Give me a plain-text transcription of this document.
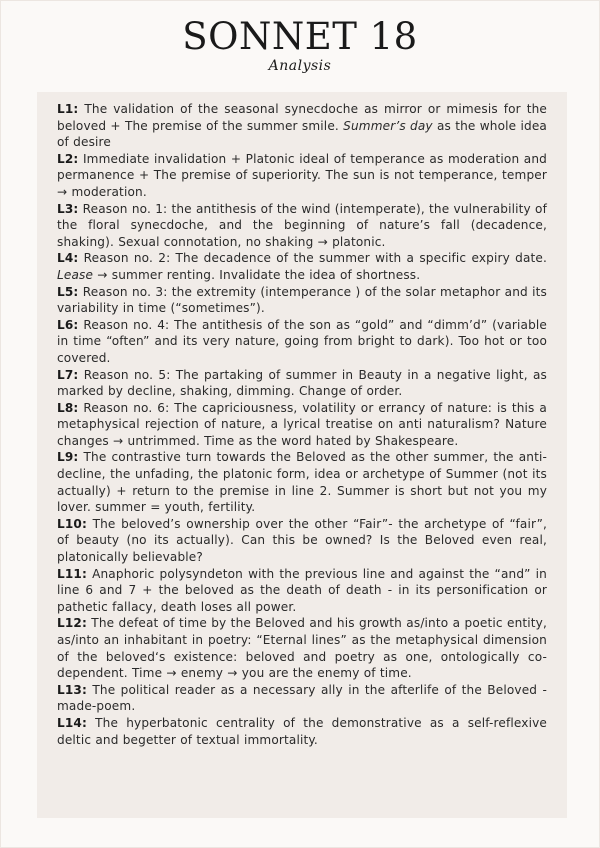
SONNET 18
Analysis
L1: The validation of the seasonal synecdoche as mirror or mimesis for the beloved + The premise of the summer smile. Summer’s day as the whole idea of desire
L2: Immediate invalidation + Platonic ideal of temperance as moderation and permanence + The premise of superiority. The sun is not temperance, temper → moderation.
L3: Reason no. 1: the antithesis of the wind (intemperate), the vulnerability of the floral synecdoche, and the beginning of nature’s fall (decadence, shaking). Sexual connotation, no shaking → platonic.
L4: Reason no. 2: The decadence of the summer with a specific expiry date. Lease → summer renting. Invalidate the idea of shortness.
L5: Reason no. 3: the extremity (intemperance ) of the solar metaphor and its variability in time (“sometimes”).
L6: Reason no. 4: The antithesis of the son as “gold” and “dimm’d” (variable in time “often” and its very nature, going from bright to dark). Too hot or too covered.
L7: Reason no. 5: The partaking of summer in Beauty in a negative light, as marked by decline, shaking, dimming. Change of order.
L8: Reason no. 6: The capriciousness, volatility or errancy of nature: is this a metaphysical rejection of nature, a lyrical treatise on anti naturalism? Nature changes → untrimmed. Time as the word hated by Shakespeare.
L9: The contrastive turn towards the Beloved as the other summer, the anti-decline, the unfading, the platonic form, idea or archetype of Summer (not its actually) + return to the premise in line 2. Summer is short but not you my lover. summer = youth, fertility.
L10: The beloved’s ownership over the other “Fair”- the archetype of “fair”, of beauty (no its actually). Can this be owned? Is the Beloved even real, platonically believable?
L11: Anaphoric polysyndeton with the previous line and against the “and” in line 6 and 7 + the beloved as the death of death - in its personification or pathetic fallacy, death loses all power.
L12: The defeat of time by the Beloved and his growth as/into a poetic entity, as/into an inhabitant in poetry: “Eternal lines” as the metaphysical dimension of the beloved‘s existence: beloved and poetry as one, ontologically co-dependent. Time → enemy → you are the enemy of time.
L13: The political reader as a necessary ally in the afterlife of the Beloved -made-poem.
L14: The hyperbatonic centrality of the demonstrative as a self-reflexive deltic and begetter of textual immortality.
